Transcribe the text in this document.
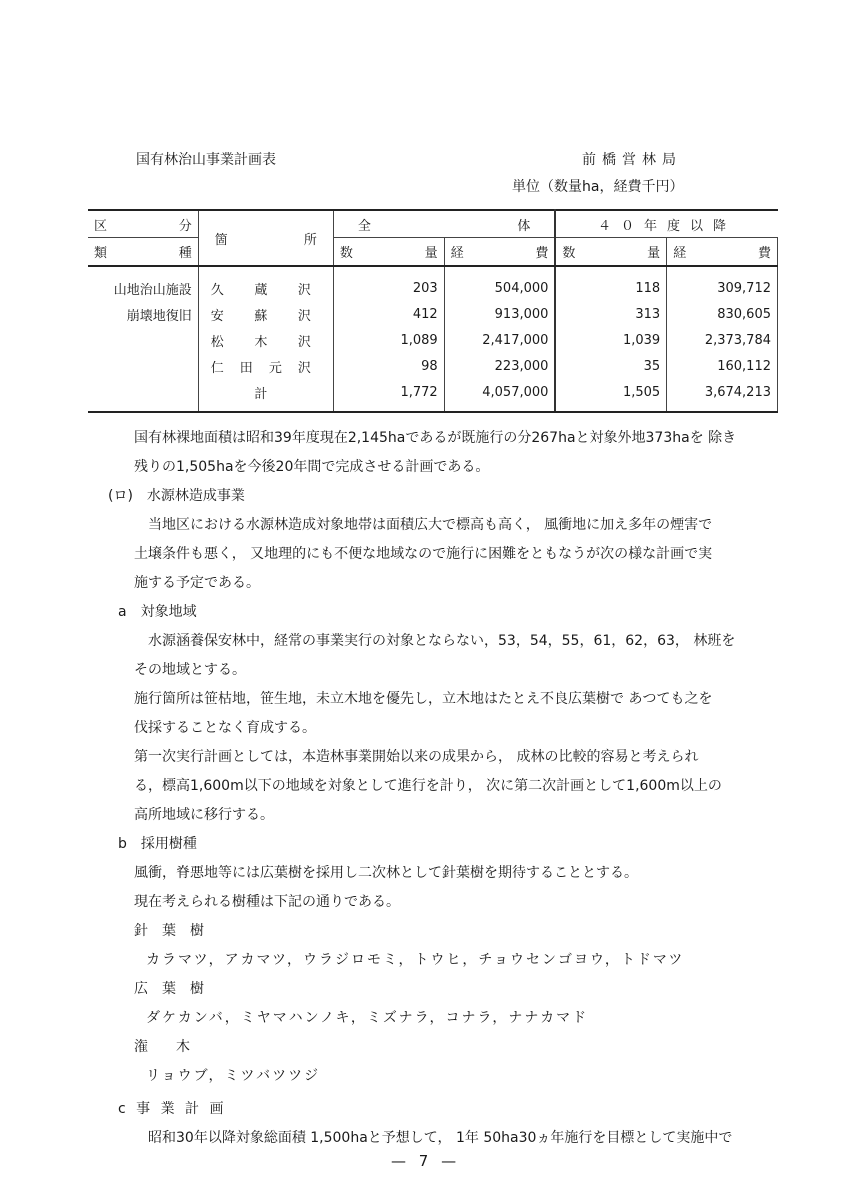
国有林治山事業計画表	前橋営林局
単位（数量ha，経費千円）
区 分	箇 所	全 体		４０年度以降	

類 種		数 量	経 費	数 量	経 費

山地治山施設	久 蔵 沢	203	504,000	118	309,712
崩壊地復旧	安 蘇 沢	412	913,000	313	830,605

	松 木 沢	1,089	2,417,000	1,039	2,373,784

	仁 田 元 沢	98	223,000	35	160,112

	計	1,772	4,057,000	1,505	3,674,213
国有林裸地面積は昭和39年度現在2,145haであるが既施行の分267haと対象外地373haを 除き
残りの1,505haを今後20年間で完成させる計画である。
(ロ)　水源林造成事業
当地区における水源林造成対象地帯は面積広大で標高も高く， 風衝地に加え多年の煙害で
土壌条件も悪く， 又地理的にも不便な地域なので施行に困難をともなうが次の様な計画で実
施する予定である。
a　対象地域
水源涵養保安林中，経常の事業実行の対象とならない，53，54，55，61，62，63， 林班を
その地域とする。
施行箇所は笹枯地，笹生地，未立木地を優先し，立木地はたとえ不良広葉樹で あつても之を
伐採することなく育成する。
第一次実行計画としては，本造林事業開始以来の成果から， 成林の比較的容易と考えられ
る，標高1,600m以下の地域を対象として進行を計り， 次に第二次計画として1,600m以上の
高所地域に移行する。
b　採用樹種
風衝，脊悪地等には広葉樹を採用し二次林として針葉樹を期待することとする。
現在考えられる樹種は下記の通りである。
針　葉　樹
カラマツ，アカマツ，ウラジロモミ，トウヒ，チョウセンゴヨウ，トドマツ
広　葉　樹
ダケカンバ，ミヤマハンノキ，ミズナラ，コナラ，ナナカマド
潅　　木
リョウブ，ミツバツツジ
c 事 業 計 画
昭和30年以降対象総面積 1,500haと予想して， 1年 50ha30ヵ年施行を目標として実施中で
— 7 —
